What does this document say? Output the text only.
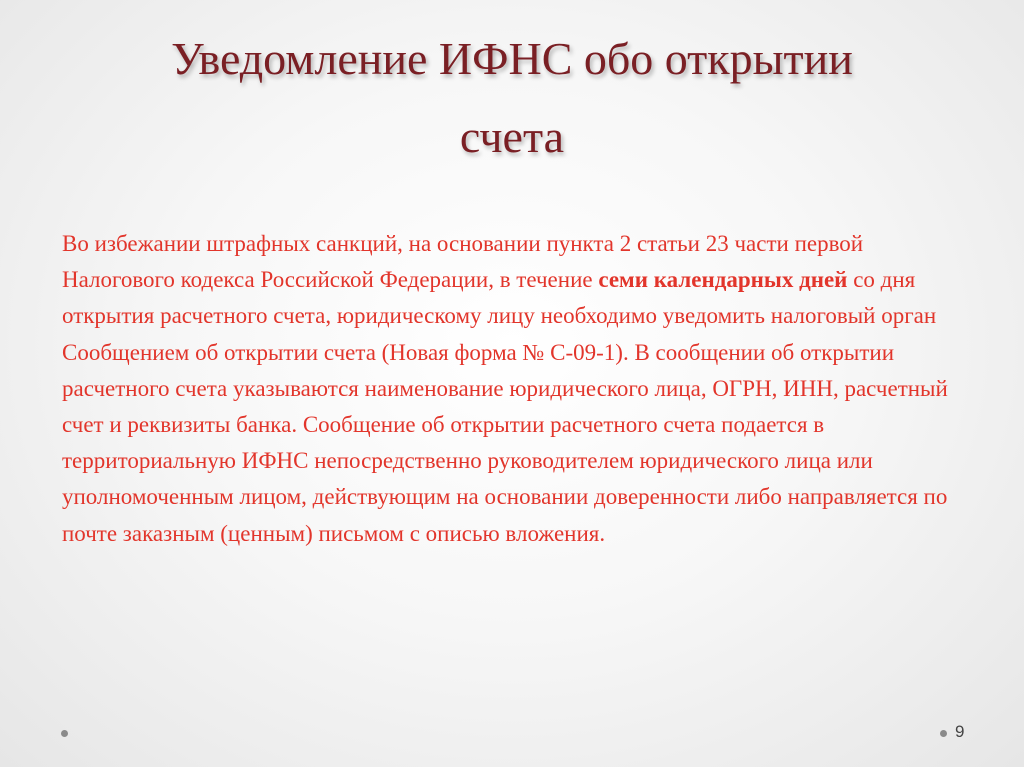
Уведомление ИФНС обо открытии
счета

Во избежании штрафных санкций, на основании пункта 2 статьи 23 части первой Налогового кодекса Российской Федерации, в течение семи календарных дней со дня открытия расчетного счета, юридическому лицу необходимо уведомить налоговый орган Сообщением об открытии счета (Новая форма № С-09-1). В сообщении об открытии расчетного счета указываются наименование юридического лица, ОГРН, ИНН, расчетный счет и реквизиты банка. Сообщение об открытии расчетного счета подается в территориальную ИФНС непосредственно руководителем юридического лица или уполномоченным лицом, действующим на основании доверенности либо направляется по почте заказным (ценным) письмом с описью вложения.

9
